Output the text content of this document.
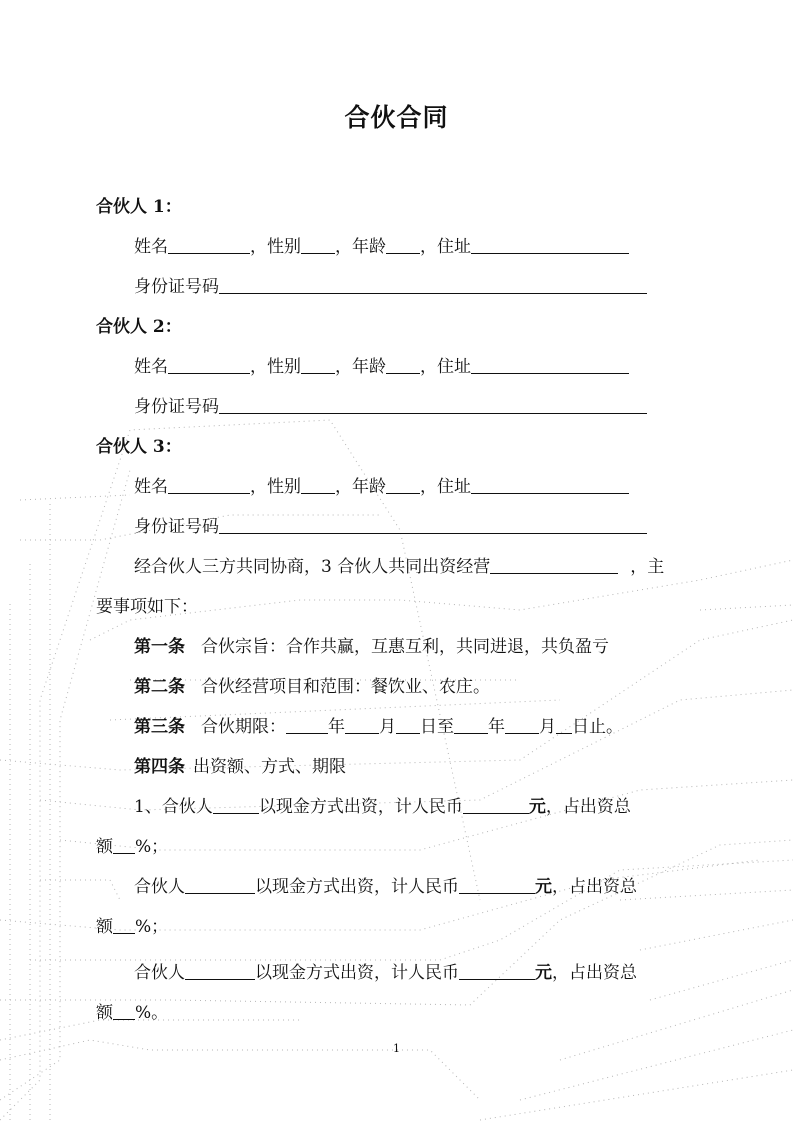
合伙合同
合伙人 1：
姓名	，性别 ，年龄 ，住址
身份证号码
合伙人 2：
姓名	，性别 ，年龄 ，住址
身份证号码
合伙人 3：
姓名	，性别 ，年龄 ，住址
身份证号码
经合伙人三方共同协商，3 合伙人共同出资经营	，主
要事项如下：
第一条 合伙宗旨：合作共赢，互惠互利，共同进退，共负盈亏
第二条 合伙经营项目和范围：餐饮业、农庄。
第三条 合伙期限： 年 月 日至 年 月 日止。
第四条 出资额、方式、期限
1、合伙人	以现金方式出资，计人民币	元，占出资总
额 %；
合伙人	以现金方式出资，计人民币	元，占出资总
额 %；
合伙人	以现金方式出资，计人民币	元，占出资总
额 %。
1
